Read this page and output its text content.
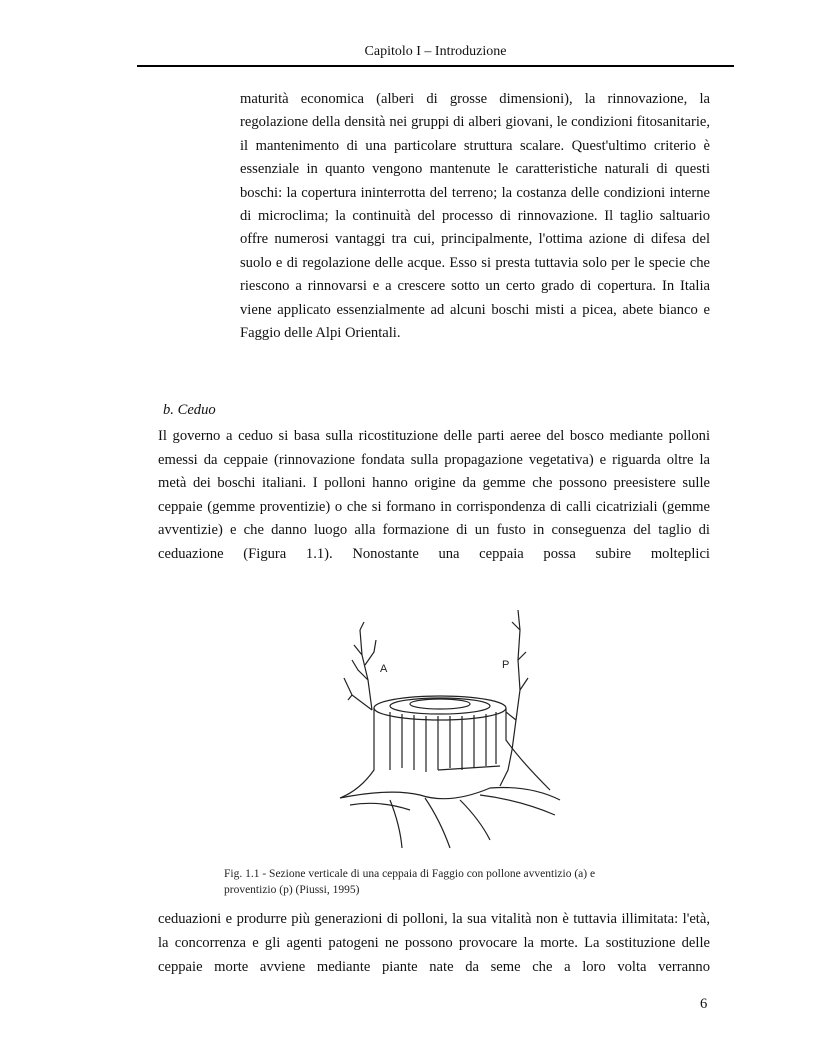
Capitolo I – Introduzione

maturità economica (alberi di grosse dimensioni), la rinnovazione, la regolazione della densità nei gruppi di alberi giovani, le condizioni fitosanitarie, il mantenimento di una particolare struttura scalare. Quest'ultimo criterio è essenziale in quanto vengono mantenute le caratteristiche naturali di questi boschi: la copertura ininterrotta del terreno; la costanza delle condizioni interne di microclima; la continuità del processo di rinnovazione. Il taglio saltuario offre numerosi vantaggi tra cui, principalmente, l'ottima azione di difesa del suolo e di regolazione delle acque. Esso si presta tuttavia solo per le specie che riescono a rinnovarsi e a crescere sotto un certo grado di copertura. In Italia viene applicato essenzialmente ad alcuni boschi misti a picea, abete bianco e Faggio delle Alpi Orientali.

b. Ceduo

Il governo a ceduo si basa sulla ricostituzione delle parti aeree del bosco mediante polloni emessi da ceppaie (rinnovazione fondata sulla propagazione vegetativa) e riguarda oltre la metà dei boschi italiani. I polloni hanno origine da gemme che possono preesistere sulle ceppaie (gemme proventizie) o che si formano in corrispondenza di calli cicatriziali (gemme avventizie) e che danno luogo alla formazione di un fusto in conseguenza del taglio di ceduazione (Figura 1.1). Nonostante una ceppaia possa subire molteplici

A	P
Fig. 1.1 - Sezione verticale di una ceppaia di Faggio con pollone avventizio (a) e
proventizio (p) (Piussi, 1995)

ceduazioni e produrre più generazioni di polloni, la sua vitalità non è tuttavia illimitata: l'età, la concorrenza e gli agenti patogeni ne possono provocare la morte. La sostituzione delle ceppaie morte avviene mediante piante nate da seme che a loro volta verranno

6
